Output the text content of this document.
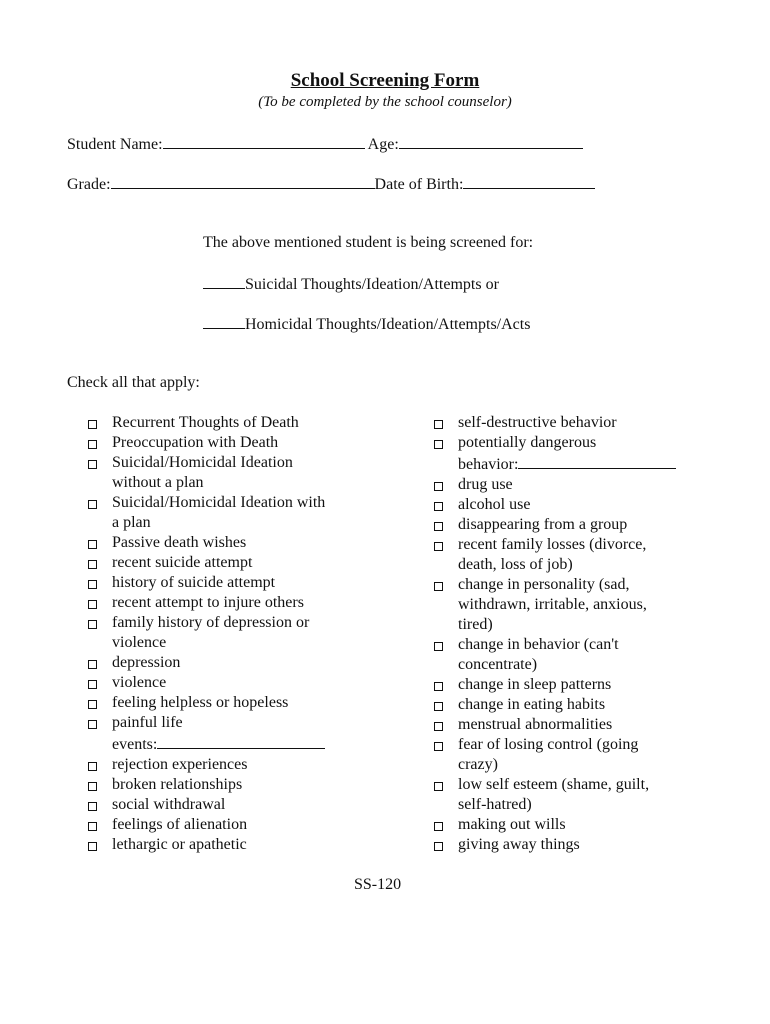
School Screening Form
(To be completed by the school counselor)
Student Name:	Age:
Grade:	Date of Birth:
The above mentioned student is being screened for:
Suicidal Thoughts/Ideation/Attempts or
Homicidal Thoughts/Ideation/Attempts/Acts
Check all that apply:
Recurrent Thoughts of Death
Preoccupation with Death
Suicidal/Homicidal Ideation
without a plan
Suicidal/Homicidal Ideation with
a plan
Passive death wishes
recent suicide attempt
history of suicide attempt
recent attempt to injure others
family history of depression or
violence
depression
violence
feeling helpless or hopeless
painful life
events:
rejection experiences
broken relationships
social withdrawal
feelings of alienation
lethargic or apathetic
self-destructive behavior
potentially dangerous
behavior:
drug use
alcohol use
disappearing from a group
recent family losses (divorce,
death, loss of job)
change in personality (sad,
withdrawn, irritable, anxious,
tired)
change in behavior (can't
concentrate)
change in sleep patterns
change in eating habits
menstrual abnormalities
fear of losing control (going
crazy)
low self esteem (shame, guilt,
self-hatred)
making out wills
giving away things
SS-120
